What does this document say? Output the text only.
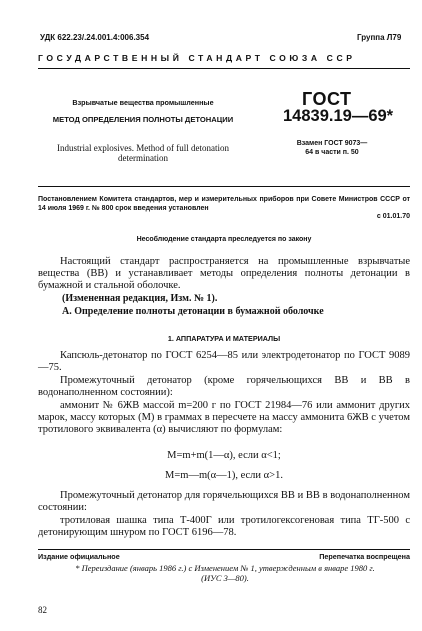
УДК 622.23/.24.001.4:006.354	Группа Л79
ГОСУДАРСТВЕННЫЙ СТАНДАРТ СОЮЗА ССР
Взрывчатые вещества промышленные
МЕТОД ОПРЕДЕЛЕНИЯ ПОЛНОТЫ ДЕТОНАЦИИ
Industrial explosives. Method of full detonation determination
ГОСТ
14839.19—69*
Взамен ГОСТ 9073—64 в части п. 50
Постановлением Комитета стандартов, мер и измерительных приборов при Совете Министров СССР от 14 июля 1969 г. № 800 срок введения установлен
с 01.01.70
Несоблюдение стандарта преследуется по закону
Настоящий стандарт распространяется на промышленные взрывчатые вещества (ВВ) и устанавливает методы определения полноты детонации в бумажной и стальной оболочке.
(Измененная редакция, Изм. № 1).
А. Определение полноты детонации в бумажной оболочке
1. АППАРАТУРА И МАТЕРИАЛЫ
Капсюль-детонатор по ГОСТ 6254—85 или электродетонатор по ГОСТ 9089—75.
Промежуточный детонатор (кроме горячельющихся ВВ и ВВ в водонаполненном состоянии):
аммонит № 6ЖВ массой m=200 г по ГОСТ 21984—76 или аммонит других марок, массу которых (M) в граммах в пересчете на массу аммонита 6ЖВ с учетом тротилового эквивалента (α) вычисляют по формулам:
M=m+m(1—α), если α<1;
M=m—m(α—1), если α>1.
Промежуточный детонатор для горячельющихся ВВ и ВВ в водонаполненном состоянии:
тротиловая шашка типа Т-400Г или тротилогексогеновая типа ТГ-500 с детонирующим шнуром по ГОСТ 6196—78.
Издание официальное	Перепечатка воспрещена
* Переиздание (январь 1986 г.) с Изменением № 1, утвержденным в январе 1980 г. (ИУС 3—80).
82
